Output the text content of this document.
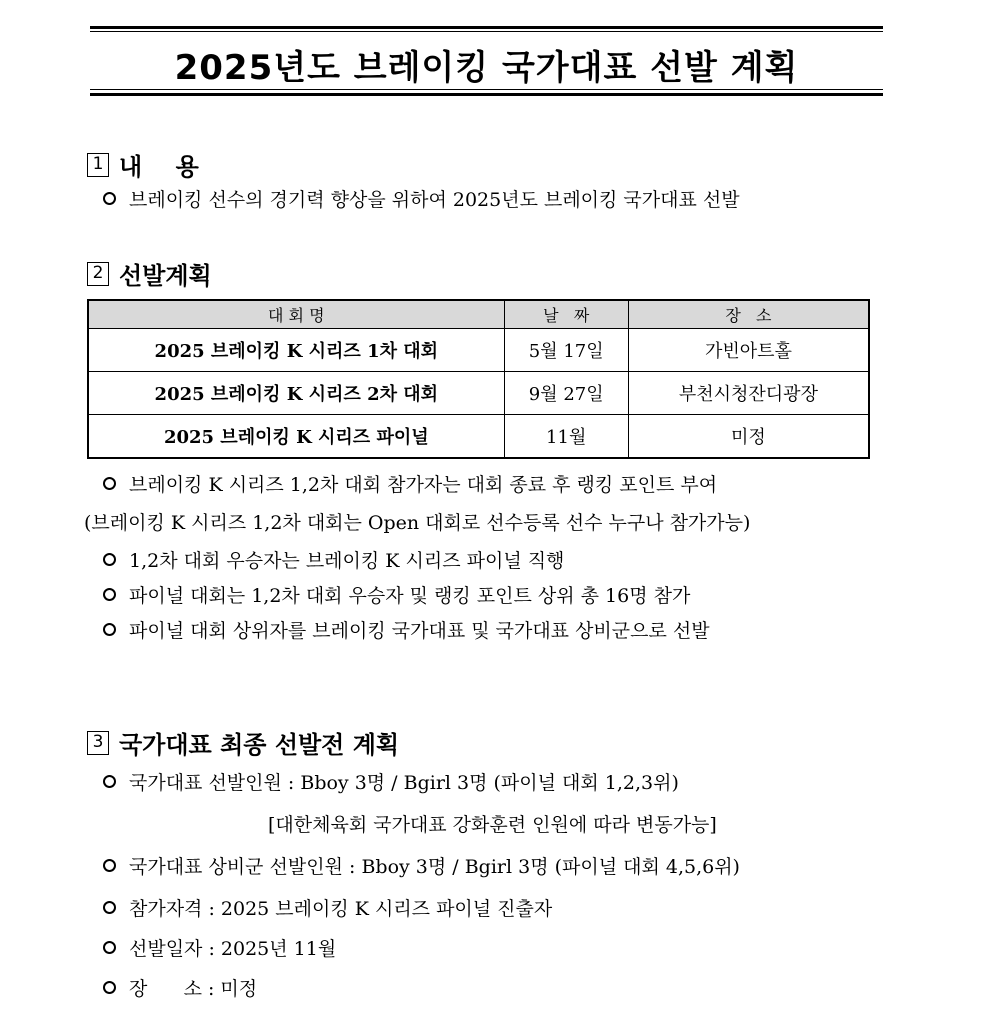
2025년도 브레이킹 국가대표 선발 계획
1 내    용
브레이킹 선수의 경기력 향상을 위하여 2025년도 브레이킹 국가대표 선발
2 선발계획
대 회 명	날   짜	장   소
2025 브레이킹 K 시리즈 1차 대회	5월 17일	가빈아트홀
2025 브레이킹 K 시리즈 2차 대회	9월 27일	부천시청잔디광장
2025 브레이킹 K 시리즈 파이널	11월	미정
브레이킹 K 시리즈 1,2차 대회 참가자는 대회 종료 후 랭킹 포인트 부여
(브레이킹 K 시리즈 1,2차 대회는 Open 대회로 선수등록 선수 누구나 참가가능)
1,2차 대회 우승자는 브레이킹 K 시리즈 파이널 직행
파이널 대회는 1,2차 대회 우승자 및 랭킹 포인트 상위 총 16명 참가
파이널 대회 상위자를 브레이킹 국가대표 및 국가대표 상비군으로 선발
3 국가대표 최종 선발전 계획
국가대표 선발인원 : Bboy 3명 / Bgirl 3명 (파이널 대회 1,2,3위)
[대한체육회 국가대표 강화훈련 인원에 따라 변동가능]
국가대표 상비군 선발인원 : Bboy 3명 / Bgirl 3명 (파이널 대회 4,5,6위)
참가자격 : 2025 브레이킹 K 시리즈 파이널 진출자
선발일자 : 2025년 11월
장      소 : 미정
